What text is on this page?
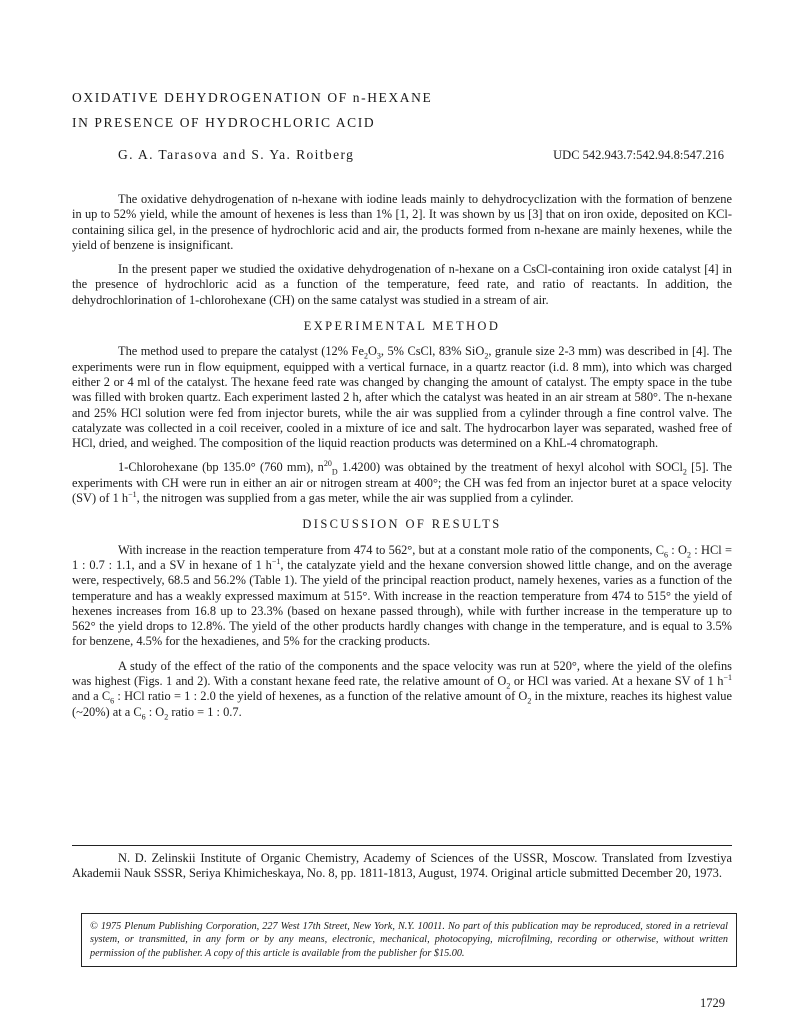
OXIDATIVE DEHYDROGENATION OF n-HEXANE
IN PRESENCE OF HYDROCHLORIC ACID
G. A. Tarasova and S. Ya. Roitberg	UDC 542.943.7:542.94.8:547.216

The oxidative dehydrogenation of n-hexane with iodine leads mainly to dehydrocyclization with the formation of benzene in up to 52% yield, while the amount of hexenes is less than 1% [1, 2]. It was shown by us [3] that on iron oxide, deposited on KCl-containing silica gel, in the presence of hydrochloric acid and air, the products formed from n-hexane are mainly hexenes, while the yield of benzene is insignificant.

In the present paper we studied the oxidative dehydrogenation of n-hexane on a CsCl-containing iron oxide catalyst [4] in the presence of hydrochloric acid as a function of the temperature, feed rate, and ratio of reactants. In addition, the dehydrochlorination of 1-chlorohexane (CH) on the same catalyst was studied in a stream of air.

EXPERIMENTAL METHOD

The method used to prepare the catalyst (12% $Fe_2O_3$, 5% CsCl, 83% SiO$_2$, granule size 2-3 mm) was described in [4]. The experiments were run in flow equipment, equipped with a vertical furnace, in a quartz reactor (i.d. 8 mm), into which was charged either 2 or 4 ml of the catalyst. The hexane feed rate was changed by changing the amount of catalyst. The empty space in the tube was filled with broken quartz. Each experiment lasted 2 h, after which the catalyst was heated in an air stream at 580°. The n-hexane and 25% HCl solution were fed from injector burets, while the air was supplied from a cylinder through a fine control valve. The catalyzate was collected in a coil receiver, cooled in a mixture of ice and salt. The hydrocarbon layer was separated, washed free of HCl, dried, and weighed. The composition of the liquid reaction products was determined on a KhL-4 chromatograph.

1-Chlorohexane (bp 135.0° (760 mm), $n^{20}_D$ 1.4200) was obtained by the treatment of hexyl alcohol with SOCl$_2$ [5]. The experiments with CH were run in either an air or nitrogen stream at 400°; the CH was fed from an injector buret at a space velocity (SV) of 1 $h^{-1}$, the nitrogen was supplied from a gas meter, while the air was supplied from a cylinder.

DISCUSSION OF RESULTS

With increase in the reaction temperature from 474 to 562°, but at a constant mole ratio of the components, $C_6$ : $O_2$ : HCl = 1 : 0.7 : 1.1, and a SV in hexane of 1 $h^{-1}$, the catalyzate yield and the hexane conversion showed little change, and on the average were, respectively, 68.5 and 56.2% (Table 1). The yield of the principal reaction product, namely hexenes, varies as a function of the temperature and has a weakly expressed maximum at 515°. With increase in the reaction temperature from 474 to 515° the yield of hexenes increases from 16.8 up to 23.3% (based on hexane passed through), while with further increase in the temperature up to 562° the yield drops to 12.8%. The yield of the other products hardly changes with change in the temperature, and is equal to 3.5% for benzene, 4.5% for the hexadienes, and 5% for the cracking products.

A study of the effect of the ratio of the components and the space velocity was run at 520°, where the yield of the olefins was highest (Figs. 1 and 2). With a constant hexane feed rate, the relative amount of $O_2$ or HCl was varied. At a hexane SV of 1 $h^{-1}$ and a $C_6$ : HCl ratio = 1 : 2.0 the yield of hexenes, as a function of the relative amount of $O_2$ in the mixture, reaches its highest value (~20%) at a $C_6$ : $O_2$ ratio = 1 : 0.7.

N. D. Zelinskii Institute of Organic Chemistry, Academy of Sciences of the USSR, Moscow. Translated from Izvestiya Akademii Nauk SSSR, Seriya Khimicheskaya, No. 8, pp. 1811-1813, August, 1974. Original article submitted December 20, 1973.

© 1975 Plenum Publishing Corporation, 227 West 17th Street, New York, N.Y. 10011. No part of this publication may be reproduced, stored in a retrieval system, or transmitted, in any form or by any means, electronic, mechanical, photocopying, microfilming, recording or otherwise, without written permission of the publisher. A copy of this article is available from the publisher for $15.00.
1729
